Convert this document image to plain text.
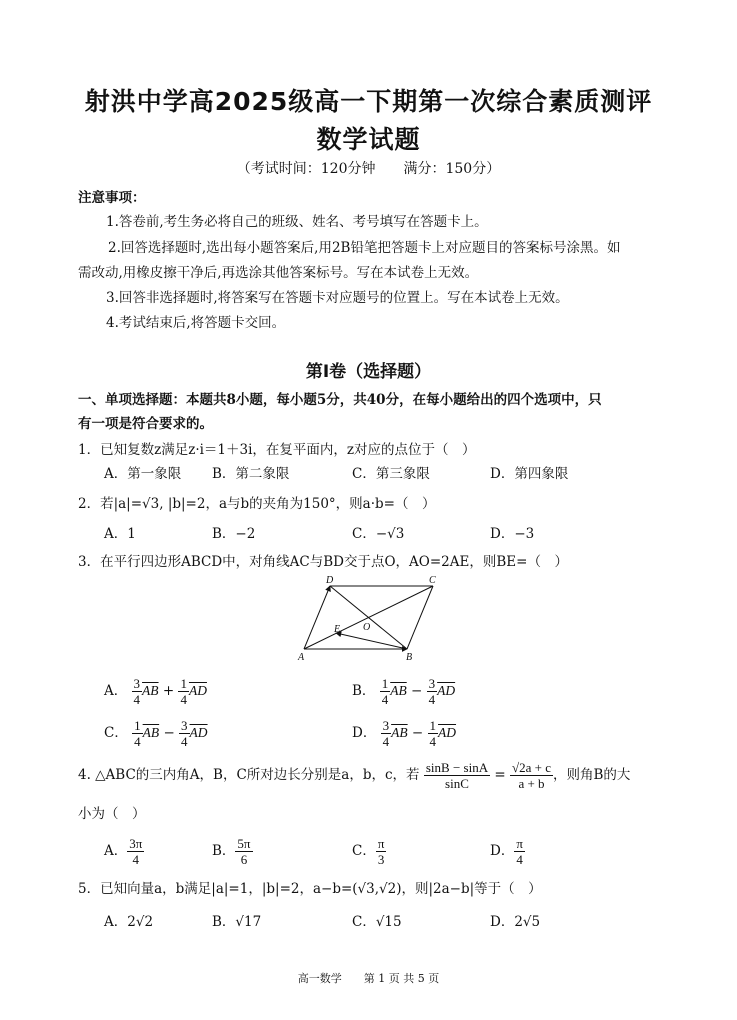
射洪中学高2025级高一下期第一次综合素质测评
数学试题
（考试时间：120分钟　　满分：150分）
注意事项：
1.答卷前,考生务必将自己的班级、姓名、考号填写在答题卡上。
2.回答选择题时,选出每小题答案后,用2B铅笔把答题卡上对应题目的答案标号涂黑。如
需改动,用橡皮擦干净后,再选涂其他答案标号。写在本试卷上无效。
3.回答非选择题时,将答案写在答题卡对应题号的位置上。写在本试卷上无效。
4.考试结束后,将答题卡交回。
第Ⅰ卷（选择题）
一、单项选择题：本题共8小题，每小题5分，共40分，在每小题给出的四个选项中，只
有一项是符合要求的。
1．已知复数z满足z·i＝1＋3i，在复平面内，z对应的点位于（　）
A．第一象限 B．第二象限	C．第三象限	D．第四象限
2．若|a|=√3, |b|=2，a与b的夹角为150°，则a·b=（　）
A．1	B．−2	C．−√3	D．−3
3．在平行四边形ABCD中，对角线AC与BD交于点O，AO=2AE，则BE=（　）
A	B
C
D
O
E
A． $\frac{3}{4} \overline{AB} + \frac{1}{4} \overline{AD}$	B． $\frac{1}{4} \overline{AB} - \frac{3}{4} \overline{AD}$
C． $\frac{1}{4} \overline{AB} - \frac{3}{4} \overline{AD}$	D． $\frac{3}{4} \overline{AB} - \frac{1}{4} \overline{AD}$
4. △ABC的三内角A，B，C所对边长分别是a，b，c，若 $\frac{\sin B - \sin A}{\sin C} = \frac{√2a + c}{a + b}$ ，则角B的大
小为（　）
A． $\frac{3\pi}{4}$	B． $\frac{5\pi}{6}$	C． $\frac{\pi}{3}$	D． $\frac{\pi}{4}$
5．已知向量a，b满足|a|=1，|b|=2，a−b=(√3,√2)，则|2a−b|等于（　）
A．2√2	B．√17	C．√15	D．2√5
高一数学　　第 1 页 共 5 页
